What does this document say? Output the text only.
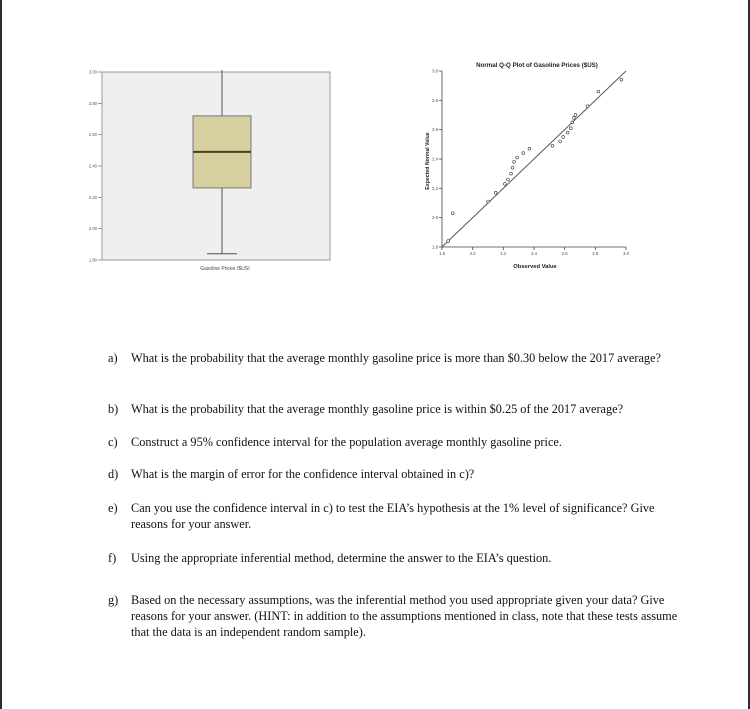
3.00
2.80
2.60
2.40
2.20
2.00
1.80
Gasoline Prices ($US)
Normal Q-Q Plot of Gasoline Prices ($US)
Expected Normal Value
3.0
2.8
2.6
2.4
2.2
2.0
1.8
1.8	2.0	2.2	2.4	2.6	2.8	3.0
Observed Value
a) What is the probability that the average monthly gasoline price is more than $0.30 below the 2017 average?
b) What is the probability that the average monthly gasoline price is within $0.25 of the 2017 average?
c) Construct a 95% confidence interval for the population average monthly gasoline price.
d) What is the margin of error for the confidence interval obtained in c)?
e) Can you use the confidence interval in c) to test the EIA’s hypothesis at the 1% level of significance? Give reasons for your answer.
f) Using the appropriate inferential method, determine the answer to the EIA’s question.
g) Based on the necessary assumptions, was the inferential method you used appropriate given your data? Give reasons for your answer. (HINT: in addition to the assumptions mentioned in class, note that these tests assume that the data is an independent random sample).
